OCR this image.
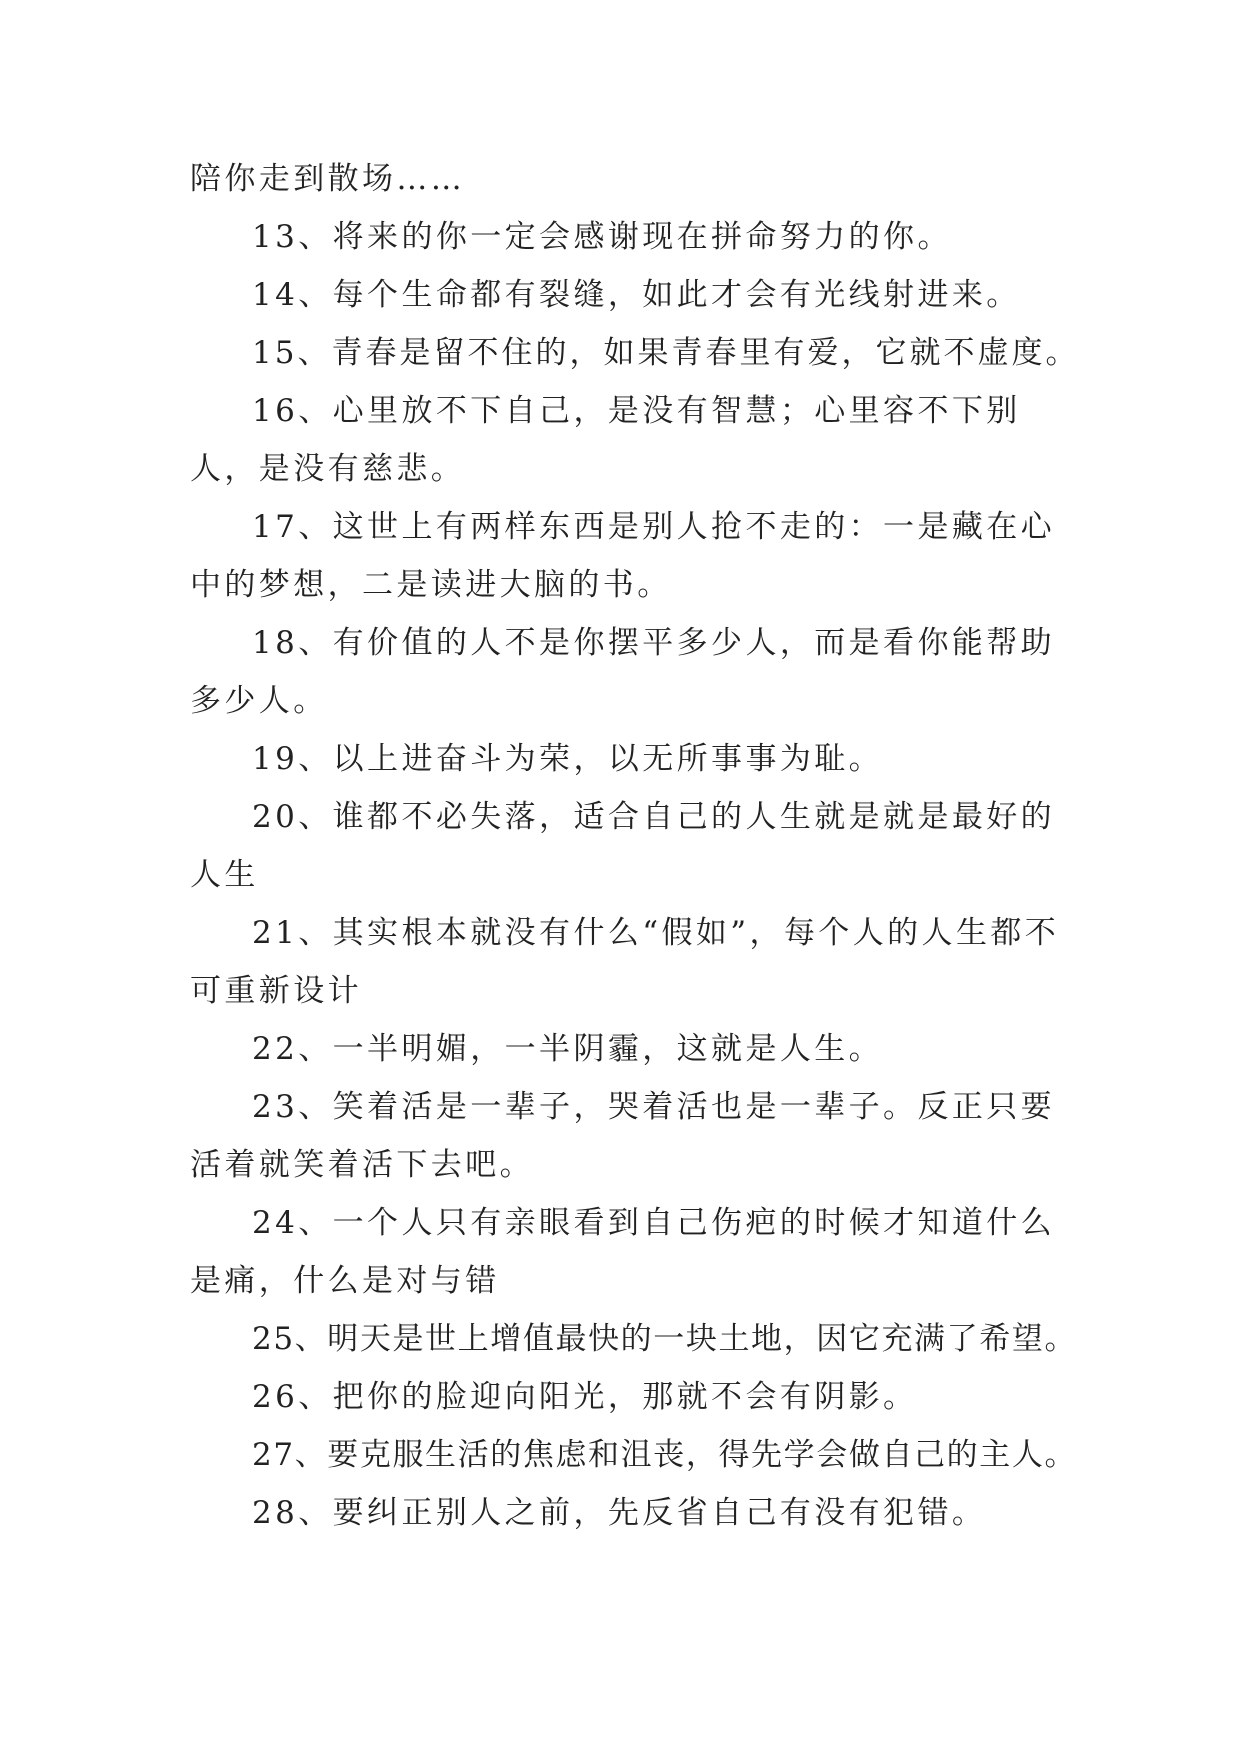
陪你走到散场……

13、将来的你一定会感谢现在拼命努力的你。

14、每个生命都有裂缝，如此才会有光线射进来。

15、青春是留不住的，如果青春里有爱，它就不虚度。

16、心里放不下自己，是没有智慧；心里容不下别人，是没有慈悲。

17、这世上有两样东西是别人抢不走的：一是藏在心中的梦想，二是读进大脑的书。

18、有价值的人不是你摆平多少人，而是看你能帮助多少人。

19、以上进奋斗为荣，以无所事事为耻。

20、谁都不必失落，适合自己的人生就是就是最好的人生

21、其实根本就没有什么“假如”，每个人的人生都不可重新设计

22、一半明媚，一半阴霾，这就是人生。

23、笑着活是一辈子，哭着活也是一辈子。反正只要活着就笑着活下去吧。

24、一个人只有亲眼看到自己伤疤的时候才知道什么是痛，什么是对与错

25、明天是世上增值最快的一块土地，因它充满了希望。

26、把你的脸迎向阳光，那就不会有阴影。

27、要克服生活的焦虑和沮丧，得先学会做自己的主人。

28、要纠正别人之前，先反省自己有没有犯错。
